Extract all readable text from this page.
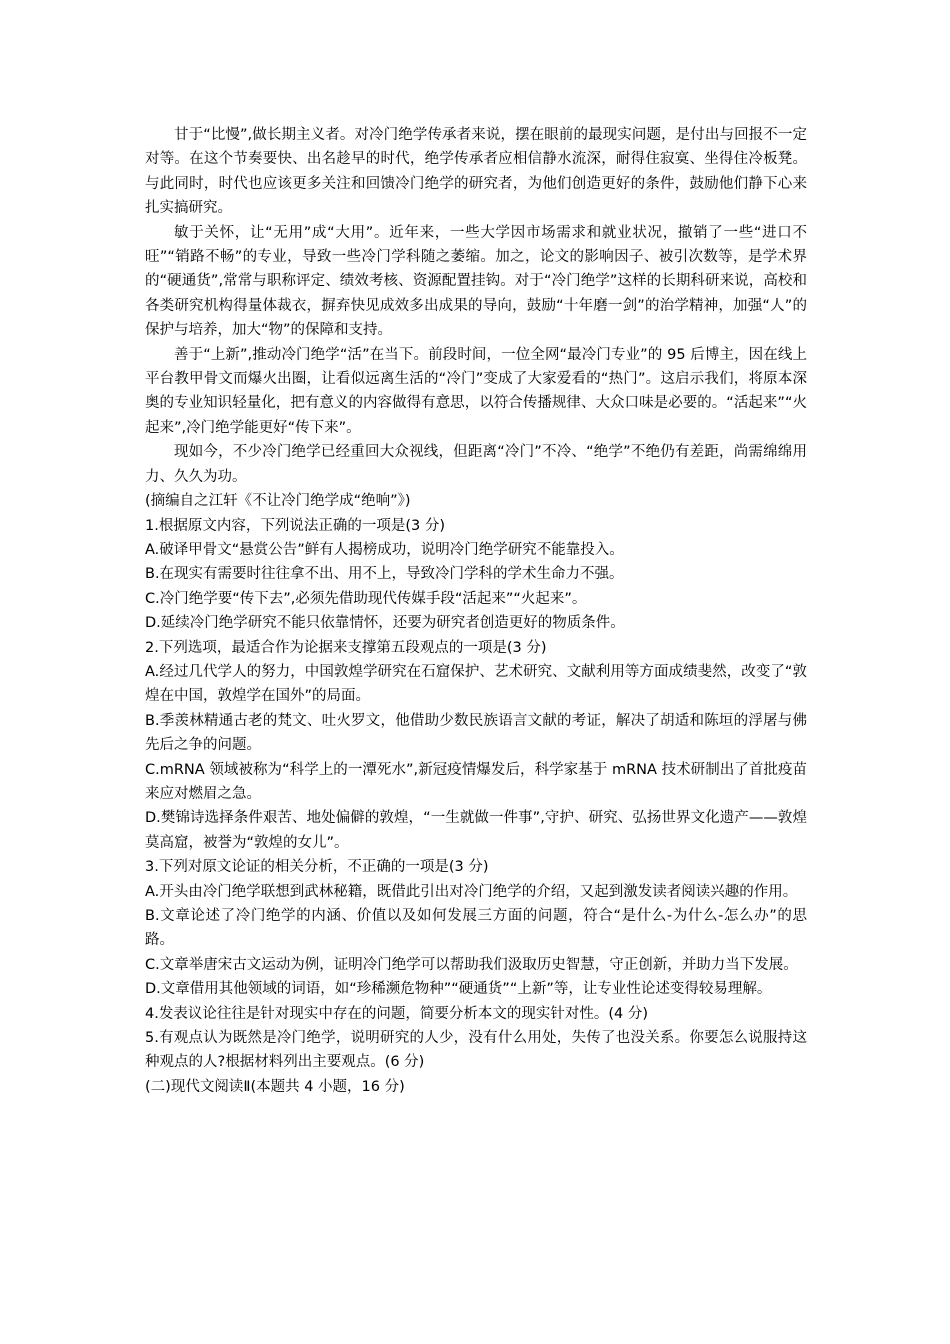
甘于“比慢”,做长期主义者。对冷门绝学传承者来说，摆在眼前的最现实问题，是付出与回报不一定对等。在这个节奏要快、出名趁早的时代，绝学传承者应相信静水流深，耐得住寂寞、坐得住冷板凳。与此同时，时代也应该更多关注和回馈冷门绝学的研究者，为他们创造更好的条件，鼓励他们静下心来扎实搞研究。

敏于关怀，让“无用”成“大用”。近年来，一些大学因市场需求和就业状况，撤销了一些“进口不旺”“销路不畅”的专业，导致一些冷门学科随之萎缩。加之，论文的影响因子、被引次数等，是学术界的“硬通货”,常常与职称评定、绩效考核、资源配置挂钩。对于“冷门绝学”这样的长期科研来说，高校和各类研究机构得量体裁衣，摒弃快见成效多出成果的导向，鼓励“十年磨一剑”的治学精神，加强“人”的保护与培养，加大“物”的保障和支持。

善于“上新”,推动冷门绝学“活”在当下。前段时间，一位全网“最冷门专业”的 95 后博主，因在线上平台教甲骨文而爆火出圈，让看似远离生活的“冷门”变成了大家爱看的“热门”。这启示我们，将原本深奥的专业知识轻量化，把有意义的内容做得有意思，以符合传播规律、大众口味是必要的。“活起来”“火起来”,冷门绝学能更好“传下来”。

现如今，不少冷门绝学已经重回大众视线，但距离“冷门”不冷、“绝学”不绝仍有差距，尚需绵绵用力、久久为功。

(摘编自之江轩《不让冷门绝学成“绝响”》)

1.根据原文内容，下列说法正确的一项是(3 分)

A.破译甲骨文“悬赏公告”鲜有人揭榜成功，说明冷门绝学研究不能靠投入。

B.在现实有需要时往往拿不出、用不上，导致冷门学科的学术生命力不强。

C.冷门绝学要“传下去”,必须先借助现代传媒手段“活起来”“火起来”。

D.延续冷门绝学研究不能只依靠情怀，还要为研究者创造更好的物质条件。

2.下列选项，最适合作为论据来支撑第五段观点的一项是(3 分)

A.经过几代学人的努力，中国敦煌学研究在石窟保护、艺术研究、文献利用等方面成绩斐然，改变了“敦煌在中国，敦煌学在国外”的局面。

B.季羡林精通古老的梵文、吐火罗文，他借助少数民族语言文献的考证，解决了胡适和陈垣的浮屠与佛先后之争的问题。

C.mRNA 领域被称为“科学上的一潭死水”,新冠疫情爆发后，科学家基于 mRNA 技术研制出了首批疫苗来应对燃眉之急。

D.樊锦诗选择条件艰苦、地处偏僻的敦煌，“一生就做一件事”,守护、研究、弘扬世界文化遗产——敦煌莫高窟，被誉为“敦煌的女儿”。

3.下列对原文论证的相关分析，不正确的一项是(3 分)

A.开头由冷门绝学联想到武林秘籍，既借此引出对冷门绝学的介绍，又起到激发读者阅读兴趣的作用。

B.文章论述了冷门绝学的内涵、价值以及如何发展三方面的问题，符合“是什么-为什么-怎么办”的思路。

C.文章举唐宋古文运动为例，证明冷门绝学可以帮助我们汲取历史智慧，守正创新，并助力当下发展。

D.文章借用其他领域的词语，如“珍稀濒危物种”“硬通货”“上新”等，让专业性论述变得较易理解。

4.发表议论往往是针对现实中存在的问题，简要分析本文的现实针对性。(4 分)

5.有观点认为既然是冷门绝学，说明研究的人少，没有什么用处，失传了也没关系。你要怎么说服持这种观点的人?根据材料列出主要观点。(6 分)

(二)现代文阅读Ⅱ(本题共 4 小题，16 分)
